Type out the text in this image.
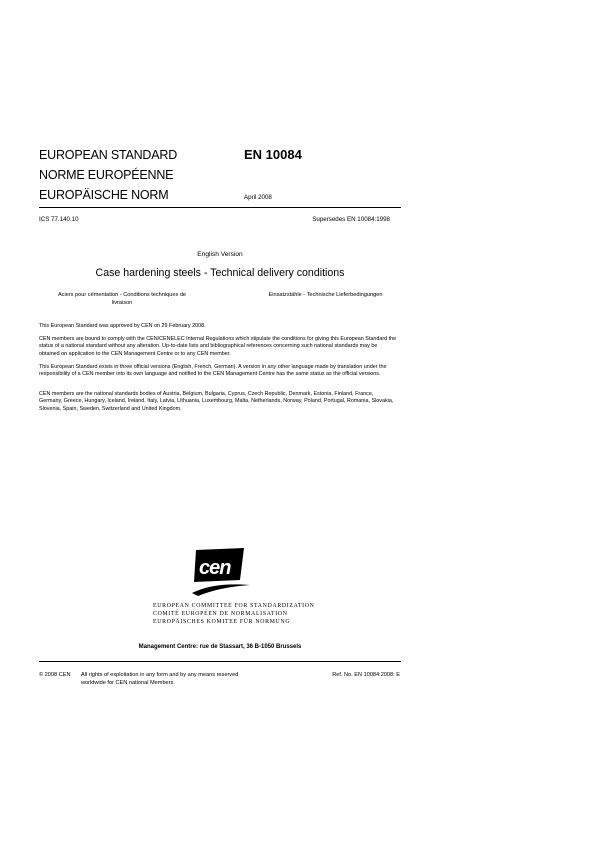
EUROPEAN STANDARD
NORME EUROPÉENNE
EUROPÄISCHE NORM
EN 10084
April 2008
ICS 77.140.10	Supersedes EN 10084:1998
English Version
Case hardening steels - Technical delivery conditions
Aciers pour cémentation - Conditions techniques de livraison
Einsatzstähle - Technische Lieferbedingungen

This European Standard was approved by CEN on 29 February 2008.

CEN members are bound to comply with the CEN/CENELEC Internal Regulations which stipulate the conditions for giving this European Standard the status of a national standard without any alteration. Up-to-date lists and bibliographical references concerning such national standards may be obtained on application to the CEN Management Centre or to any CEN member.

This European Standard exists in three official versions (English, French, German). A version in any other language made by translation under the responsibility of a CEN member into its own language and notified to the CEN Management Centre has the same status as the official versions.

CEN members are the national standards bodies of Austria, Belgium, Bulgaria, Cyprus, Czech Republic, Denmark, Estonia, Finland, France, Germany, Greece, Hungary, Iceland, Ireland, Italy, Latvia, Lithuania, Luxembourg, Malta, Netherlands, Norway, Poland, Portugal, Romania, Slovakia, Slovenia, Spain, Sweden, Switzerland and United Kingdom.

cen
EUROPEAN COMMITTEE FOR STANDARDIZATION
COMITÉ EUROPÉEN DE NORMALISATION
EUROPÄISCHES KOMITEE FÜR NORMUNG
Management Centre: rue de Stassart, 36 B-1050 Brussels
© 2008 CEN All rights of exploitation in any form and by any means reserved
worldwide for CEN national Members.
Ref. No. EN 10084:2008: E
